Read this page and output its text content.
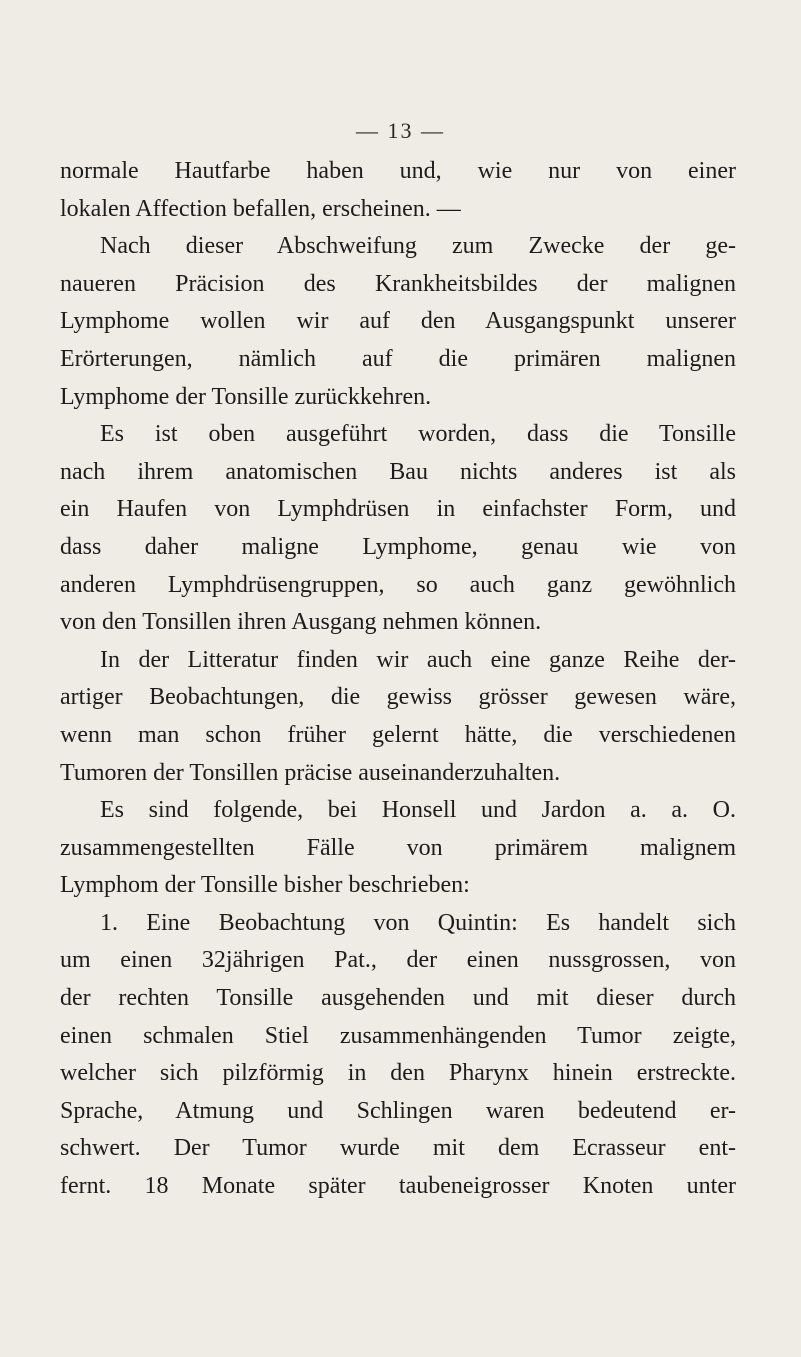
— 13 —
normale Hautfarbe haben und, wie nur von einer
lokalen Affection befallen, erscheinen. —
Nach dieser Abschweifung zum Zwecke der ge-
naueren Präcision des Krankheitsbildes der malignen
Lymphome wollen wir auf den Ausgangspunkt unserer
Erörterungen, nämlich auf die primären malignen
Lymphome der Tonsille zurückkehren.
Es ist oben ausgeführt worden, dass die Tonsille
nach ihrem anatomischen Bau nichts anderes ist als
ein Haufen von Lymphdrüsen in einfachster Form, und
dass daher maligne Lymphome, genau wie von
anderen Lymphdrüsengruppen, so auch ganz gewöhnlich
von den Tonsillen ihren Ausgang nehmen können.
In der Litteratur finden wir auch eine ganze Reihe der-
artiger Beobachtungen, die gewiss grösser gewesen wäre,
wenn man schon früher gelernt hätte, die verschiedenen
Tumoren der Tonsillen präcise auseinanderzuhalten.
Es sind folgende, bei Honsell und Jardon a. a. O.
zusammengestellten Fälle von primärem malignem
Lymphom der Tonsille bisher beschrieben:
1. Eine Beobachtung von Quintin: Es handelt sich
um einen 32jährigen Pat., der einen nussgrossen, von
der rechten Tonsille ausgehenden und mit dieser durch
einen schmalen Stiel zusammenhängenden Tumor zeigte,
welcher sich pilzförmig in den Pharynx hinein erstreckte.
Sprache, Atmung und Schlingen waren bedeutend er-
schwert. Der Tumor wurde mit dem Ecrasseur ent-
fernt. 18 Monate später taubeneigrosser Knoten unter
